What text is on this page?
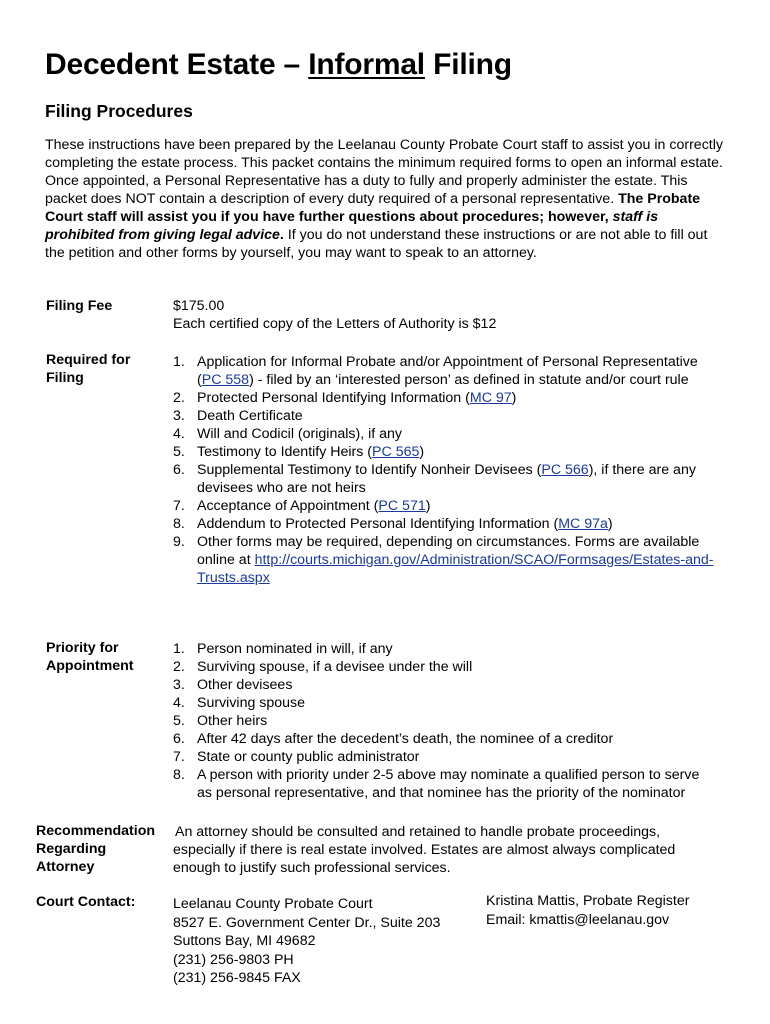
Decedent Estate – Informal Filing
Filing Procedures
These instructions have been prepared by the Leelanau County Probate Court staff to assist you in correctly completing the estate process. This packet contains the minimum required forms to open an informal estate. Once appointed, a Personal Representative has a duty to fully and properly administer the estate. This packet does NOT contain a description of every duty required of a personal representative. The Probate Court staff will assist you if you have further questions about procedures; however, staff is prohibited from giving legal advice. If you do not understand these instructions or are not able to fill out the petition and other forms by yourself, you may want to speak to an attorney.
Filing Fee	$175.00
Each certified copy of the Letters of Authority is $12
Required for
Filing
1. Application for Informal Probate and/or Appointment of Personal Representative (PC 558) - filed by an ‘interested person’ as defined in statute and/or court rule
2. Protected Personal Identifying Information (MC 97)
3. Death Certificate
4. Will and Codicil (originals), if any
5. Testimony to Identify Heirs (PC 565)
6. Supplemental Testimony to Identify Nonheir Devisees (PC 566), if there are any devisees who are not heirs
7. Acceptance of Appointment (PC 571)
8. Addendum to Protected Personal Identifying Information (MC 97a)
9. Other forms may be required, depending on circumstances. Forms are available online at http://courts.michigan.gov/Administration/SCAO/Formsages/Estates-and-Trusts.aspx
Priority for
Appointment
1. Person nominated in will, if any
2. Surviving spouse, if a devisee under the will
3. Other devisees
4. Surviving spouse
5. Other heirs
6. After 42 days after the decedent’s death, the nominee of a creditor
7. State or county public administrator
8. A person with priority under 2-5 above may nominate a qualified person to serve as personal representative, and that nominee has the priority of the nominator
Recommendation
Regarding
Attorney
An attorney should be consulted and retained to handle probate proceedings, especially if there is real estate involved. Estates are almost always complicated enough to justify such professional services.
Court Contact:	Leelanau County Probate Court
8527 E. Government Center Dr., Suite 203
Suttons Bay, MI 49682
(231) 256-9803 PH
(231) 256-9845 FAX
Kristina Mattis, Probate Register
Email: kmattis@leelanau.gov
